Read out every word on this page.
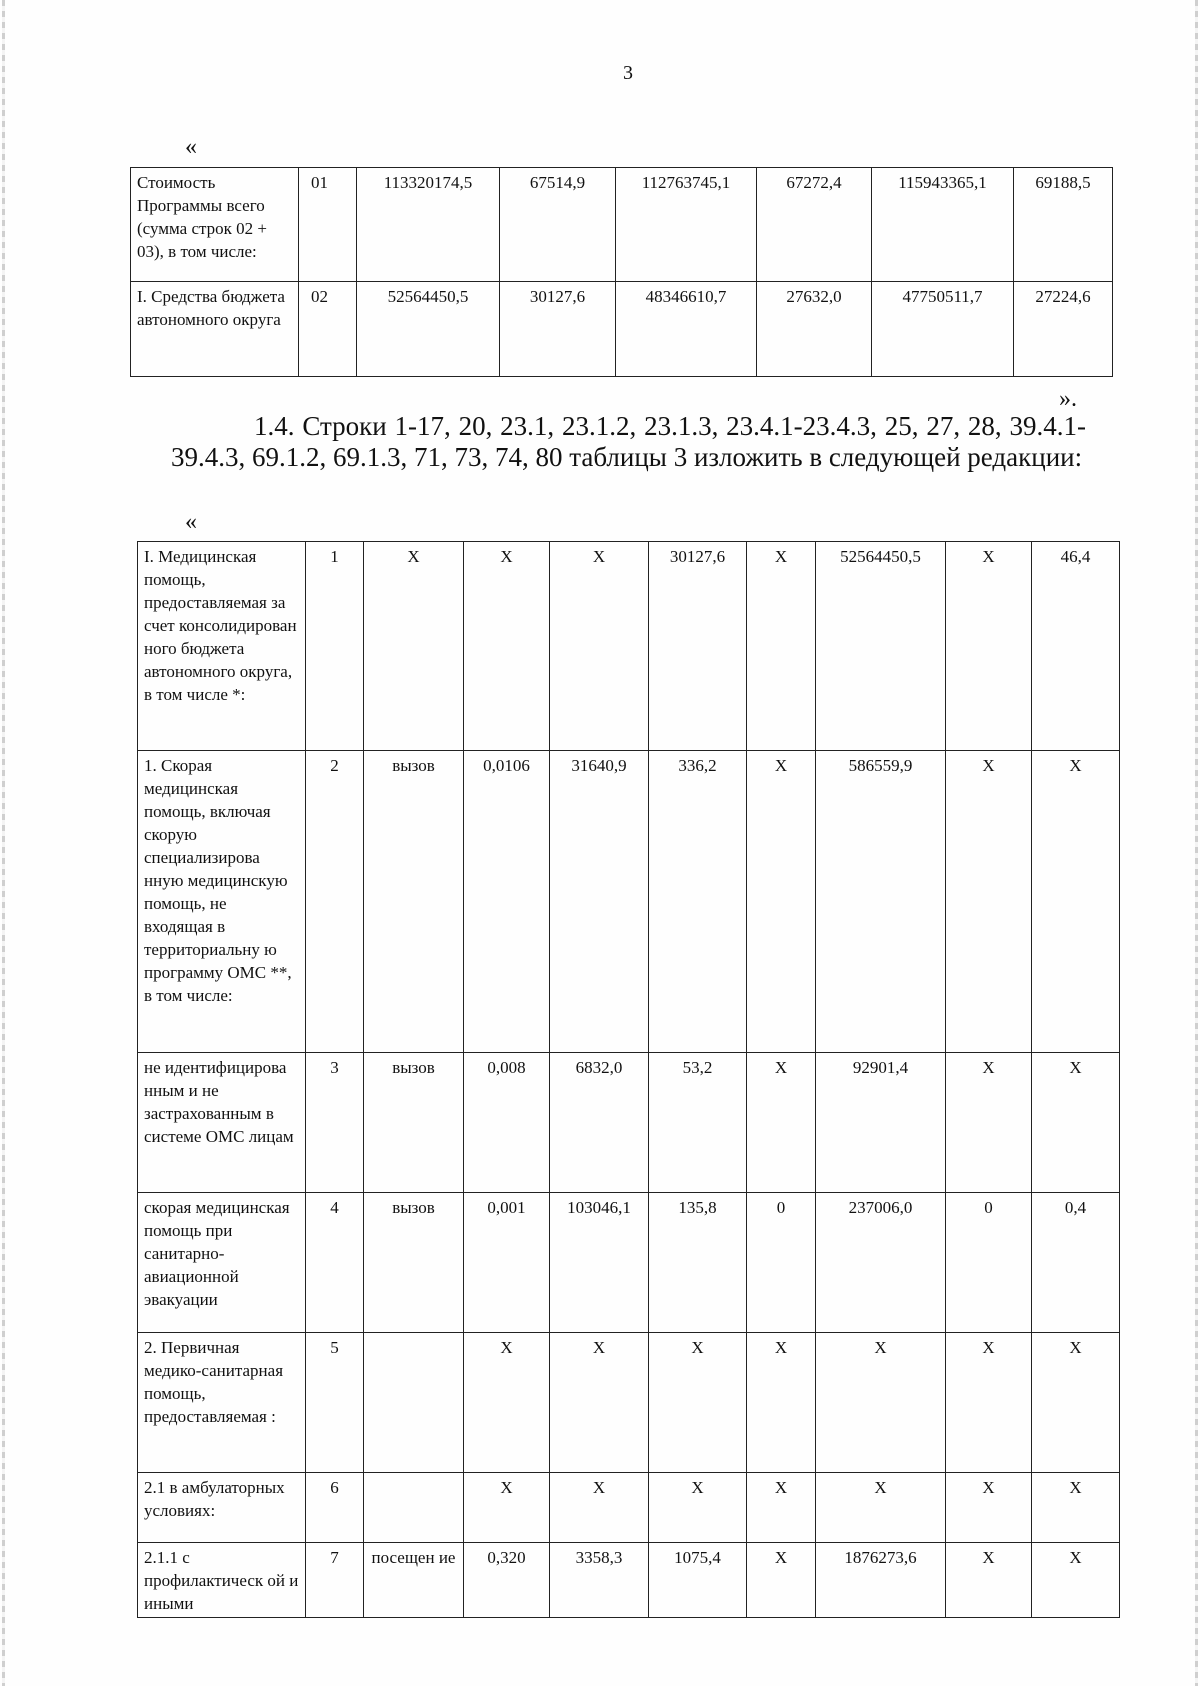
3
«
Стоимость Программы всего (сумма строк 02 + 03), в том числе:	01	113320174,5	67514,9	112763745,1	67272,4	115943365,1	69188,5
I. Средства бюджета автономного округа	02	52564450,5	30127,6	48346610,7	27632,0	47750511,7	27224,6
».
1.4. Строки 1-17, 20, 23.1, 23.1.2, 23.1.3, 23.4.1-23.4.3, 25, 27, 28, 39.4.1-39.4.3, 69.1.2, 69.1.3, 71, 73, 74, 80 таблицы 3 изложить в следующей редакции:
«
I. Медицинская помощь, предоставляемая за счет консолидирован ного бюджета автономного округа, в том числе *:	1	X	X	X	30127,6	X	52564450,5	X	46,4
1. Скорая медицинская помощь, включая скорую специализирова нную медицинскую помощь, не входящая в территориальну ю программу ОМС **, в том числе:	2	вызов	0,0106	31640,9	336,2	X	586559,9	X	X
не идентифицирова нным и не застрахованным в системе ОМС лицам	3	вызов	0,008	6832,0	53,2	X	92901,4	X	X
скорая медицинская помощь при санитарно-авиационной эвакуации	4	вызов	0,001	103046,1	135,8	0	237006,0	0	0,4
2. Первичная медико-санитарная помощь, предоставляемая :	5		X	X	X	X	X	X	X
2.1 в амбулаторных условиях:	6		X	X	X	X	X	X	X
2.1.1 с профилактическ ой и иными	7	посещен ие	0,320	3358,3	1075,4	X	1876273,6	X	X
